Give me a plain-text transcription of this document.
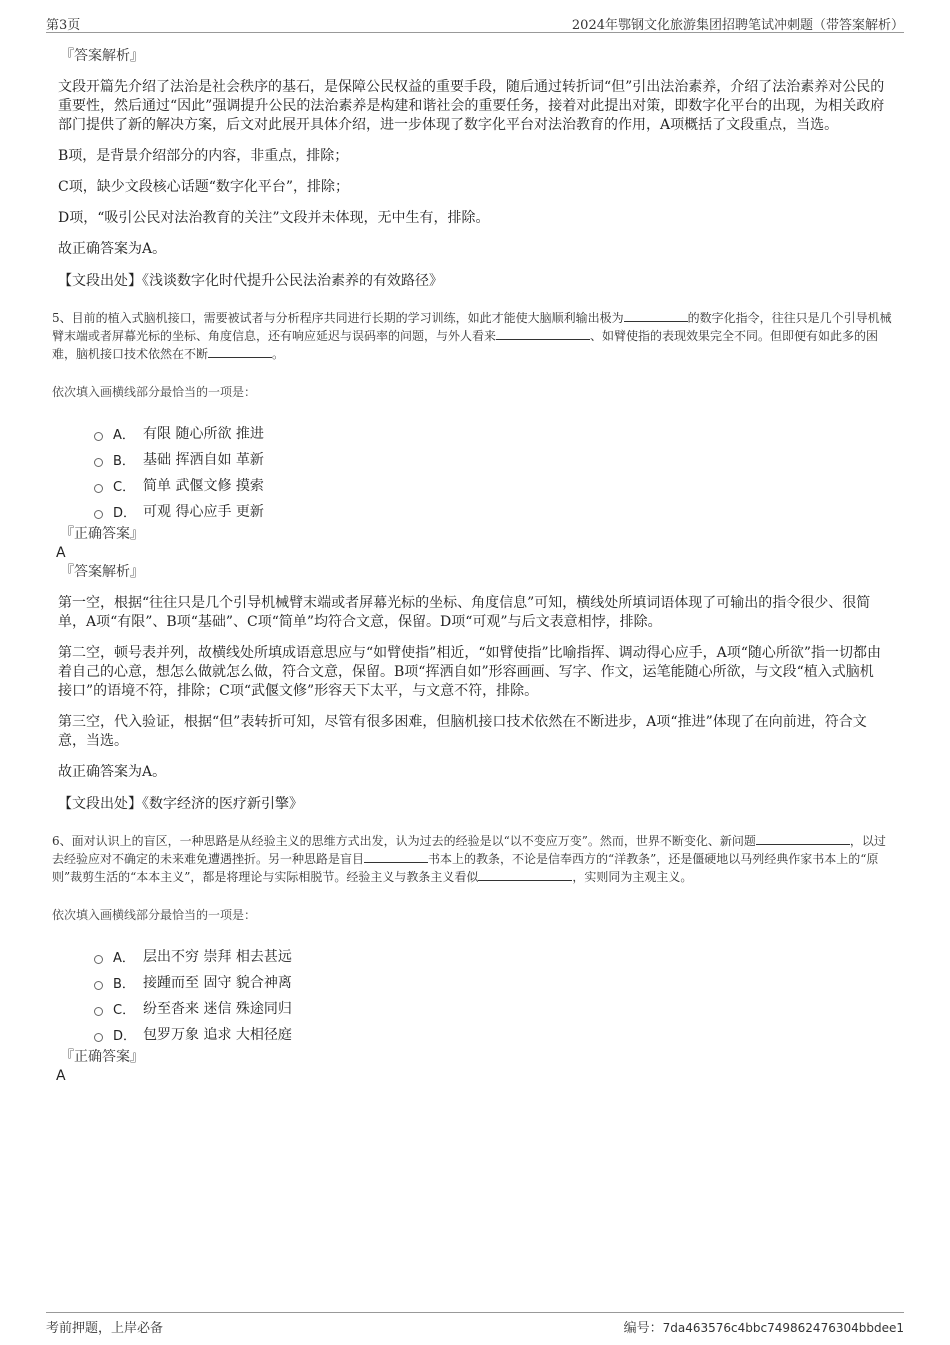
第3页	2024年鄂钢文化旅游集团招聘笔试冲刺题（带答案解析）
『答案解析』

文段开篇先介绍了法治是社会秩序的基石，是保障公民权益的重要手段，随后通过转折词“但”引出法治素养，介绍了法治素养对公民的重要性，然后通过“因此”强调提升公民的法治素养是构建和谐社会的重要任务，接着对此提出对策，即数字化平台的出现，为相关政府部门提供了新的解决方案，后文对此展开具体介绍，进一步体现了数字化平台对法治教育的作用，A项概括了文段重点，当选。

B项，是背景介绍部分的内容，非重点，排除；

C项，缺少文段核心话题“数字化平台”，排除；

D项，“吸引公民对法治教育的关注”文段并未体现，无中生有，排除。

故正确答案为A。

【文段出处】《浅谈数字化时代提升公民法治素养的有效路径》
5、目前的植入式脑机接口，需要被试者与分析程序共同进行长期的学习训练，如此才能使大脑顺利输出极为	的数字化指令，往往只是几个引导机械臂末端或者屏幕光标的坐标、角度信息，还有响应延迟与误码率的问题，与外人看来	、如臂使指的表现效果完全不同。但即便有如此多的困难，脑机接口技术依然在不断	。
依次填入画横线部分最恰当的一项是：
A． 有限 随心所欲 推进
B． 基础 挥洒自如 革新
C． 简单 武偃文修 摸索
D． 可观 得心应手 更新
『正确答案』
A
『答案解析』

第一空，根据“往往只是几个引导机械臂末端或者屏幕光标的坐标、角度信息”可知，横线处所填词语体现了可输出的指令很少、很简单，A项“有限”、B项“基础”、C项“简单”均符合文意，保留。D项“可观”与后文表意相悖，排除。

第二空，顿号表并列，故横线处所填成语意思应与“如臂使指”相近，“如臂使指”比喻指挥、调动得心应手，A项“随心所欲”指一切都由着自己的心意，想怎么做就怎么做，符合文意，保留。B项“挥洒自如”形容画画、写字、作文，运笔能随心所欲，与文段“植入式脑机接口”的语境不符，排除；C项“武偃文修”形容天下太平，与文意不符，排除。

第三空，代入验证，根据“但”表转折可知，尽管有很多困难，但脑机接口技术依然在不断进步，A项“推进”体现了在向前进，符合文意，当选。

故正确答案为A。

【文段出处】《数字经济的医疗新引擎》
6、面对认识上的盲区，一种思路是从经验主义的思维方式出发，认为过去的经验是以“以不变应万变”。然而，世界不断变化、新问题	，以过去经验应对不确定的未来难免遭遇挫折。另一种思路是盲目	书本上的教条，不论是信奉西方的“洋教条”，还是僵硬地以马列经典作家书本上的“原则”裁剪生活的“本本主义”，都是将理论与实际相脱节。经验主义与教条主义看似	，实则同为主观主义。
依次填入画横线部分最恰当的一项是：
A． 层出不穷 崇拜 相去甚远
B． 接踵而至 固守 貌合神离
C． 纷至沓来 迷信 殊途同归
D． 包罗万象 追求 大相径庭
『正确答案』
A
考前押题，上岸必备	编号：7da463576c4bbc749862476304bbdee1
